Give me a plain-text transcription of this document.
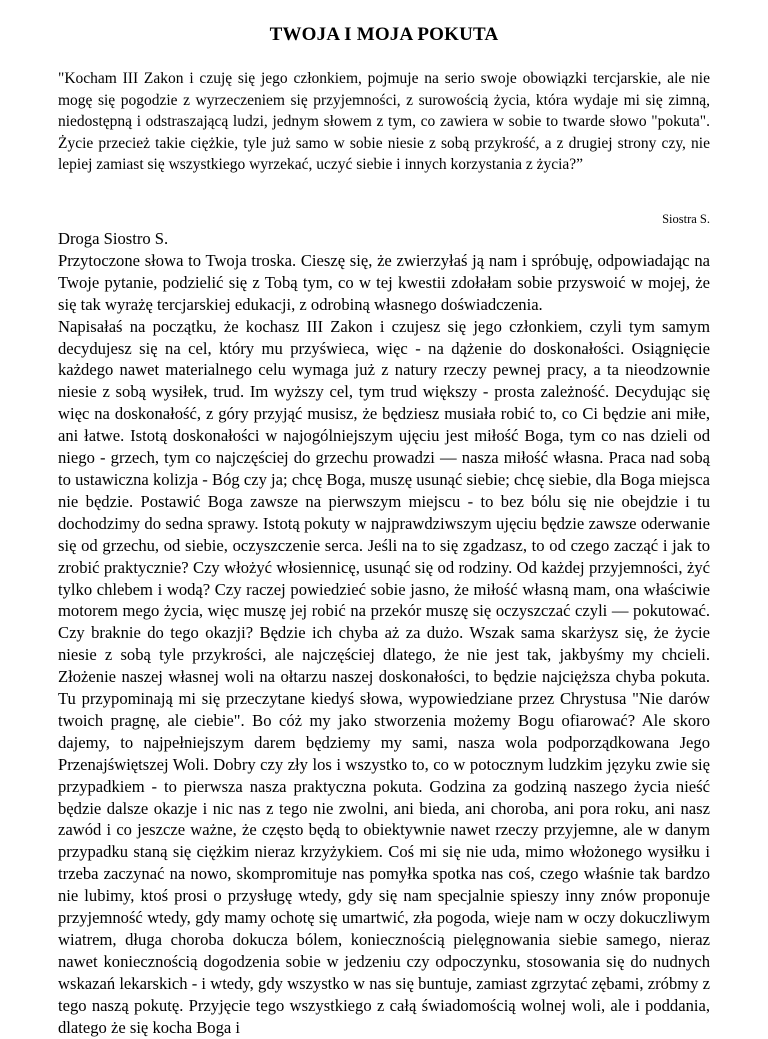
TWOJA I MOJA POKUTA
"Kocham III Zakon i czuję się jego członkiem, pojmuje na serio swoje obowiązki tercjarskie, ale nie mogę się pogodzie z wyrzeczeniem się przyjemności, z surowością życia, która wydaje mi się zimną, niedostępną i odstraszającą ludzi, jednym słowem z tym, co zawiera w sobie to twarde słowo "pokuta". Życie przecież takie ciężkie, tyle już samo w sobie niesie z sobą przykrość, a z drugiej strony czy, nie lepiej zamiast się wszystkiego wyrzekać, uczyć siebie i innych korzystania z życia?”
Siostra S.

Droga Siostro S.

Przytoczone słowa to Twoja troska. Cieszę się, że zwierzyłaś ją nam i spróbuję, odpowiadając na Twoje pytanie, podzielić się z Tobą tym, co w tej kwestii zdołałam sobie przyswoić w mojej, że się tak wyrażę tercjarskiej edukacji, z odrobiną własnego doświadczenia.

Napisałaś na początku, że kochasz III Zakon i czujesz się jego członkiem, czyli tym samym decydujesz się na cel, który mu przyświeca, więc - na dążenie do doskonałości. Osiągnięcie każdego nawet materialnego celu wymaga już z natury rzeczy pewnej pracy, a ta nieodzownie niesie z sobą wysiłek, trud. Im wyższy cel, tym trud większy - prosta zależność. Decydując się więc na doskonałość, z góry przyjąć musisz, że będziesz musiała robić to, co Ci będzie ani miłe, ani łatwe. Istotą doskonałości w najogólniejszym ujęciu jest miłość Boga, tym co nas dzieli od niego - grzech, tym co najczęściej do grzechu prowadzi — nasza miłość własna. Praca nad sobą to ustawiczna kolizja - Bóg czy ja; chcę Boga, muszę usunąć siebie; chcę siebie, dla Boga miejsca nie będzie. Postawić Boga zawsze na pierwszym miejscu - to bez bólu się nie obejdzie i tu dochodzimy do sedna sprawy. Istotą pokuty w najprawdziwszym ujęciu będzie zawsze oderwanie się od grzechu, od siebie, oczyszczenie serca. Jeśli na to się zgadzasz, to od czego zacząć i jak to zrobić praktycznie? Czy włożyć włosiennicę, usunąć się od rodziny. Od każdej przyjemności, żyć tylko chlebem i wodą? Czy raczej powiedzieć sobie jasno, że miłość własną mam, ona właściwie motorem mego życia, więc muszę jej robić na przekór muszę się oczyszczać czyli — pokutować. Czy braknie do tego okazji? Będzie ich chyba aż za dużo. Wszak sama skarżysz się, że życie niesie z sobą tyle przykrości, ale najczęściej dlatego, że nie jest tak, jakbyśmy my chcieli. Złożenie naszej własnej woli na ołtarzu naszej doskonałości, to będzie najcięższa chyba pokuta. Tu przypominają mi się przeczytane kiedyś słowa, wypowiedziane przez Chrystusa "Nie darów twoich pragnę, ale ciebie". Bo cóż my jako stworzenia możemy Bogu ofiarować? Ale skoro dajemy, to najpełniejszym darem będziemy my sami, nasza wola podporządkowana Jego Przenajświętszej Woli. Dobry czy zły los i wszystko to, co w potocznym ludzkim języku zwie się przypadkiem - to pierwsza nasza praktyczna pokuta. Godzina za godziną naszego życia nieść będzie dalsze okazje i nic nas z tego nie zwolni, ani bieda, ani choroba, ani pora roku, ani nasz zawód i co jeszcze ważne, że często będą to obiektywnie nawet rzeczy przyjemne, ale w danym przypadku staną się ciężkim nieraz krzyżykiem. Coś mi się nie uda, mimo włożonego wysiłku i trzeba zaczynać na nowo, skompromituje nas pomyłka spotka nas coś, czego właśnie tak bardzo nie lubimy, ktoś prosi o przysługę wtedy, gdy się nam specjalnie spieszy inny znów proponuje przyjemność wtedy, gdy mamy ochotę się umartwić, zła pogoda, wieje nam w oczy dokuczliwym wiatrem, długa choroba dokucza bólem, koniecznością pielęgnowania siebie samego, nieraz nawet koniecznością dogodzenia sobie w jedzeniu czy odpoczynku, stosowania się do nudnych wskazań lekarskich - i wtedy, gdy wszystko w nas się buntuje, zamiast zgrzytać zębami, zróbmy z tego naszą pokutę. Przyjęcie tego wszystkiego z całą świadomością wolnej woli, ale i poddania, dlatego że się kocha Boga i
